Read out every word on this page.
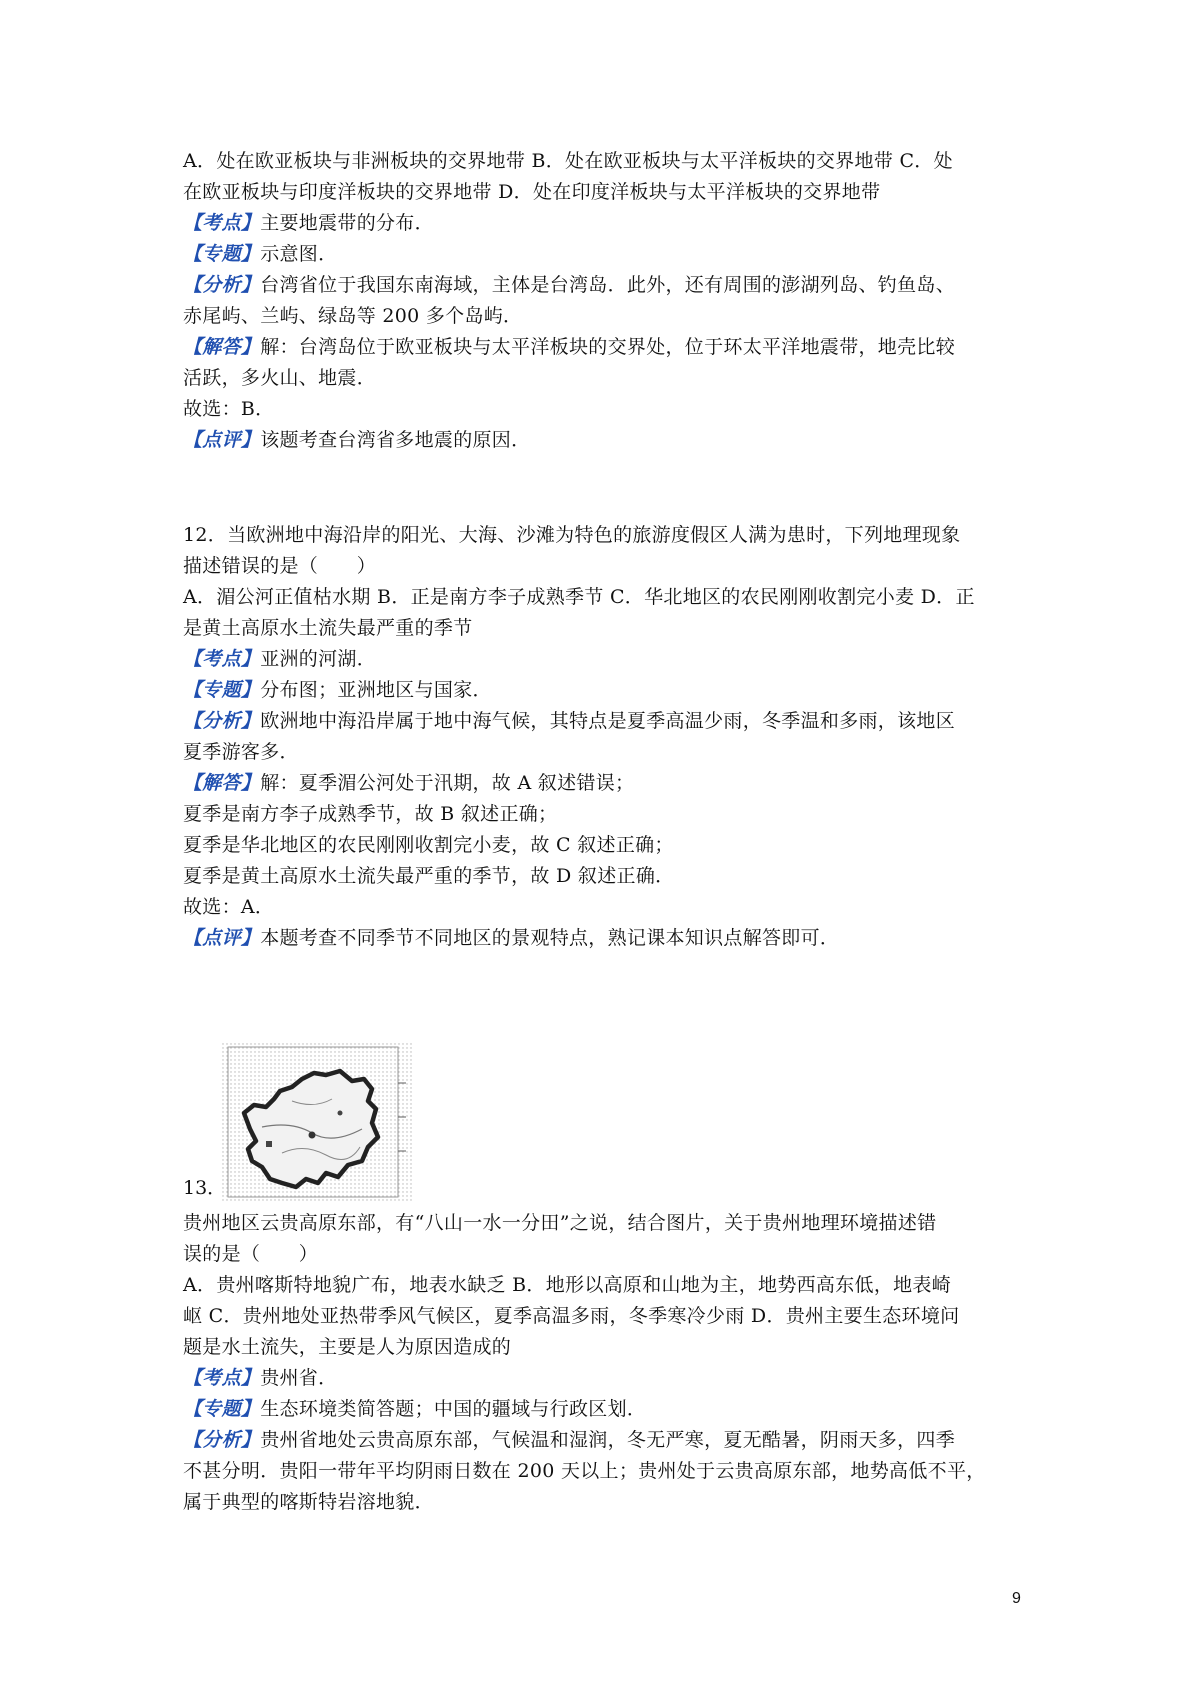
A．处在欧亚板块与非洲板块的交界地带 B．处在欧亚板块与太平洋板块的交界地带 C．处
在欧亚板块与印度洋板块的交界地带 D．处在印度洋板块与太平洋板块的交界地带
【考点】主要地震带的分布．
【专题】示意图．
【分析】台湾省位于我国东南海域，主体是台湾岛．此外，还有周围的澎湖列岛、钓鱼岛、
赤尾屿、兰屿、绿岛等 200 多个岛屿．
【解答】解：台湾岛位于欧亚板块与太平洋板块的交界处，位于环太平洋地震带，地壳比较
活跃，多火山、地震．
故选：B．
【点评】该题考查台湾省多地震的原因．
12．当欧洲地中海沿岸的阳光、大海、沙滩为特色的旅游度假区人满为患时，下列地理现象
描述错误的是（　　）
A．湄公河正值枯水期 B．正是南方李子成熟季节 C．华北地区的农民刚刚收割完小麦 D．正
是黄土高原水土流失最严重的季节
【考点】亚洲的河湖．
【专题】分布图；亚洲地区与国家．
【分析】欧洲地中海沿岸属于地中海气候，其特点是夏季高温少雨，冬季温和多雨，该地区
夏季游客多．
【解答】解：夏季湄公河处于汛期，故 A 叙述错误；
夏季是南方李子成熟季节，故 B 叙述正确；
夏季是华北地区的农民刚刚收割完小麦，故 C 叙述正确；
夏季是黄土高原水土流失最严重的季节，故 D 叙述正确．
故选：A．
【点评】本题考查不同季节不同地区的景观特点，熟记课本知识点解答即可．
13．
贵州地区云贵高原东部，有“八山一水一分田”之说，结合图片，关于贵州地理环境描述错
误的是（　　）
A．贵州喀斯特地貌广布，地表水缺乏 B．地形以高原和山地为主，地势西高东低，地表崎
岖 C．贵州地处亚热带季风气候区，夏季高温多雨，冬季寒冷少雨 D．贵州主要生态环境问
题是水土流失，主要是人为原因造成的
【考点】贵州省．
【专题】生态环境类简答题；中国的疆域与行政区划．
【分析】贵州省地处云贵高原东部，气候温和湿润，冬无严寒，夏无酷暑，阴雨天多，四季
不甚分明．贵阳一带年平均阴雨日数在 200 天以上；贵州处于云贵高原东部，地势高低不平，
属于典型的喀斯特岩溶地貌．
9
